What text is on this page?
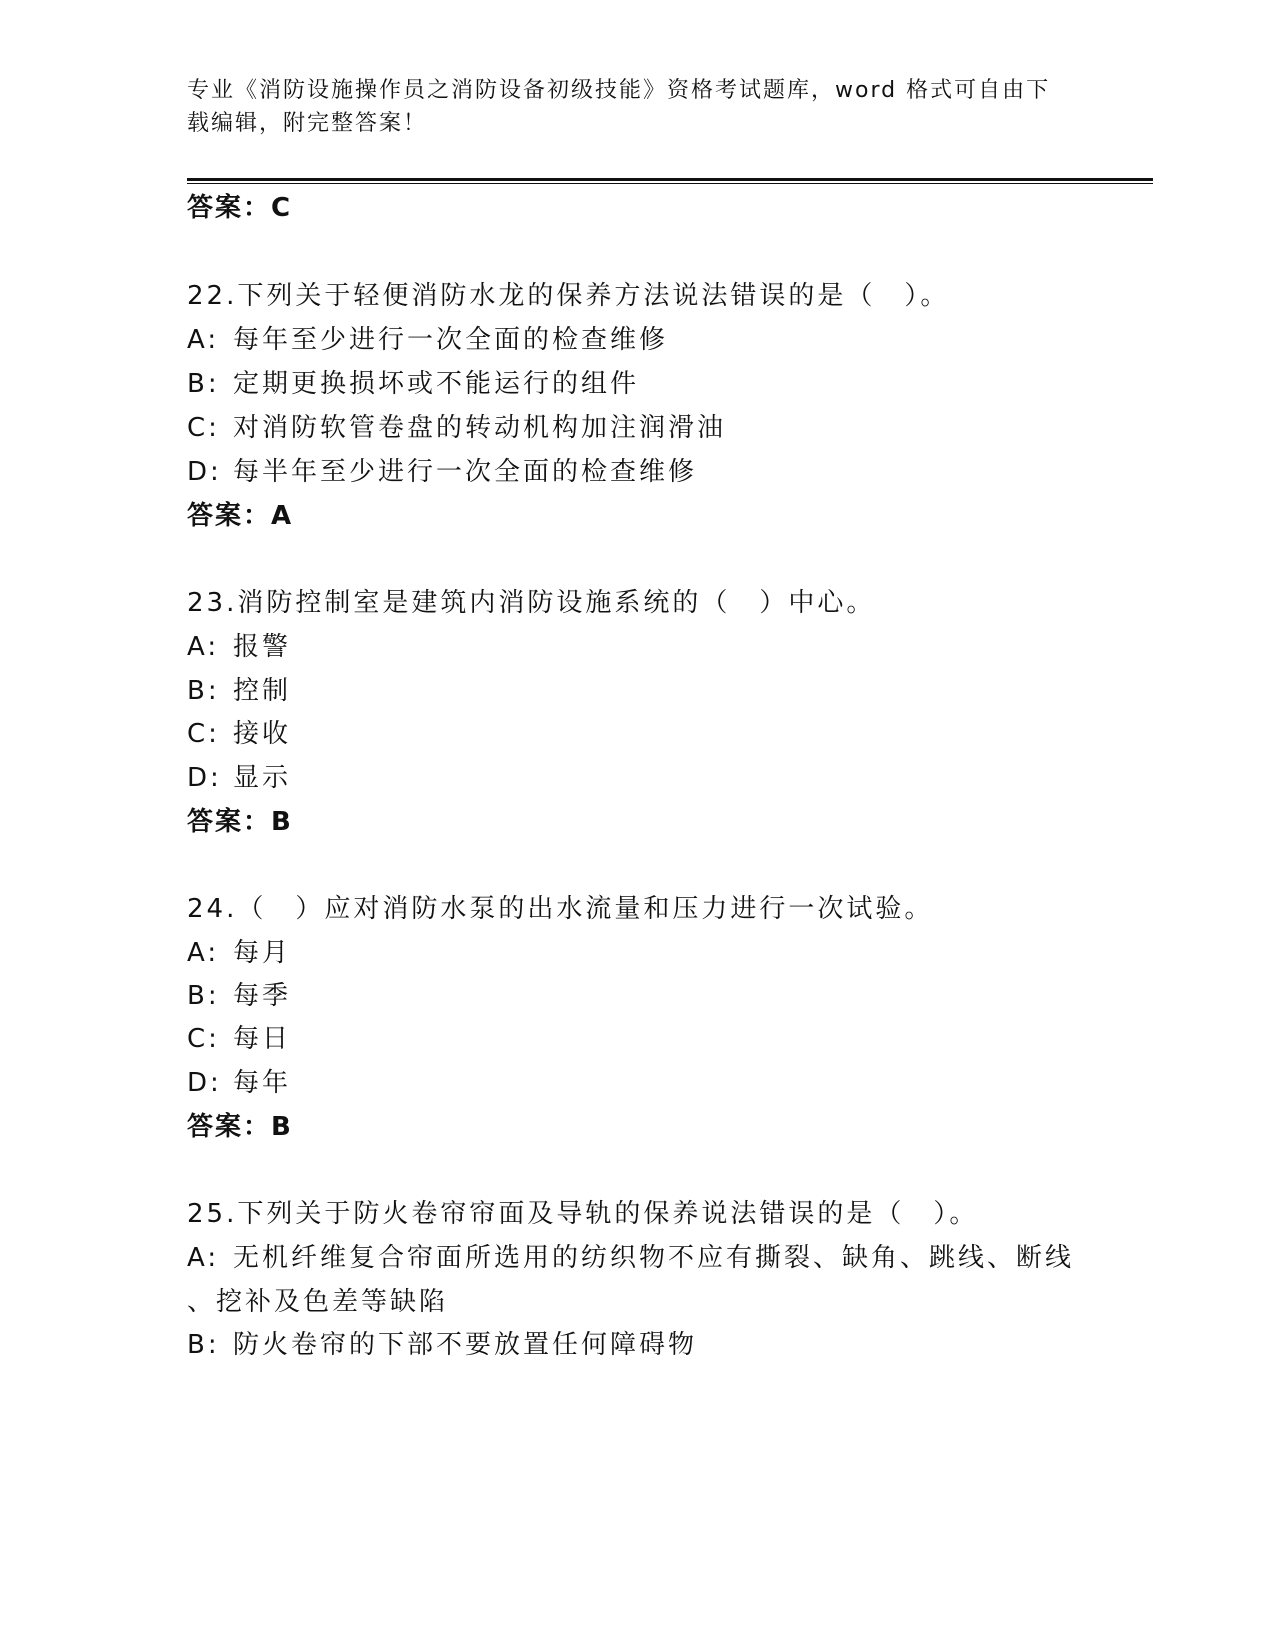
专业《消防设施操作员之消防设备初级技能》资格考试题库，word 格式可自由下
载编辑，附完整答案！
答案：C
22.下列关于轻便消防水龙的保养方法说法错误的是（　）。
A: 每年至少进行一次全面的检查维修
B: 定期更换损坏或不能运行的组件
C: 对消防软管卷盘的转动机构加注润滑油
D: 每半年至少进行一次全面的检查维修
答案：A
23.消防控制室是建筑内消防设施系统的（　）中心。
A: 报警
B: 控制
C: 接收
D: 显示
答案：B
24.（　）应对消防水泵的出水流量和压力进行一次试验。
A: 每月
B: 每季
C: 每日
D: 每年
答案：B
25.下列关于防火卷帘帘面及导轨的保养说法错误的是（　）。
A: 无机纤维复合帘面所选用的纺织物不应有撕裂、缺角、跳线、断线
、挖补及色差等缺陷
B: 防火卷帘的下部不要放置任何障碍物
